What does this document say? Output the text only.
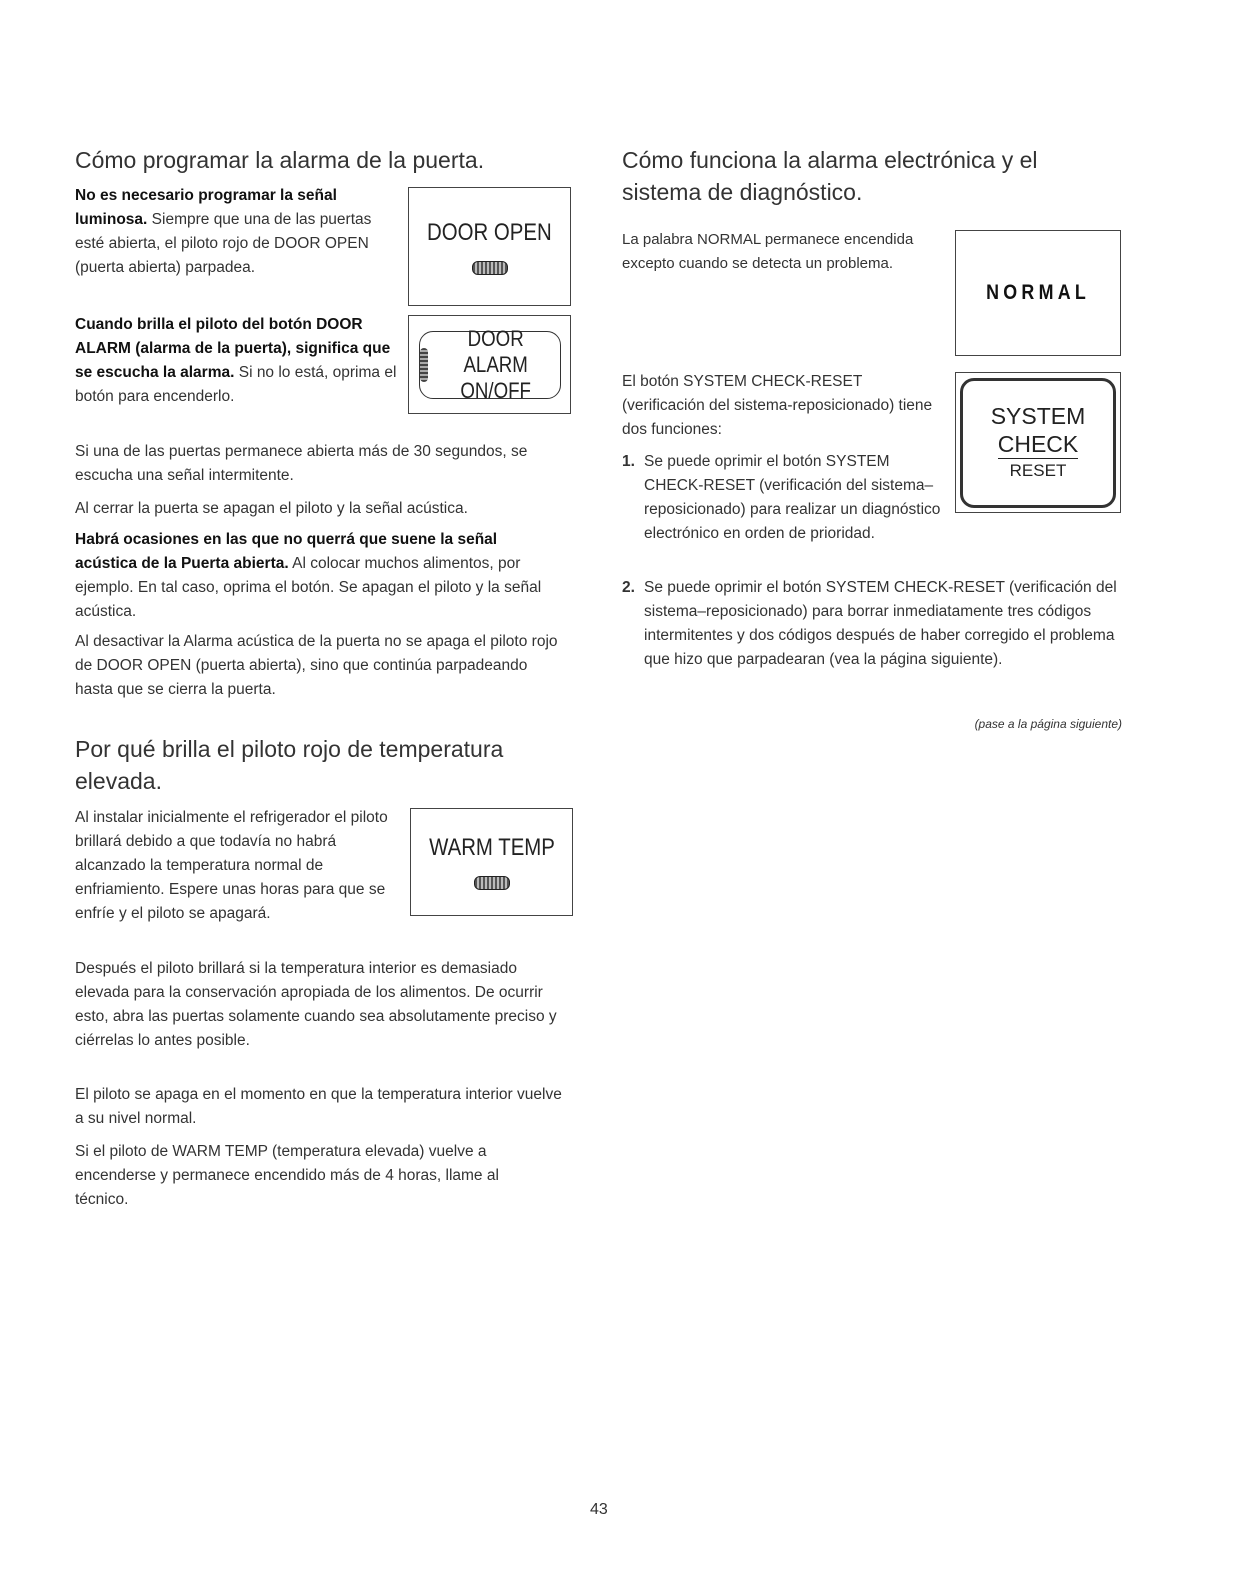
Cómo programar la alarma de la puerta.

No es necesario programar la señal luminosa. Siempre que una de las puertas esté abierta, el piloto rojo de DOOR OPEN (puerta abierta) parpadea.

DOOR OPEN

Cuando brilla el piloto del botón DOOR ALARM (alarma de la puerta), significa que se escucha la alarma. Si no lo está, oprima el botón para encenderlo.

DOOR ALARM
ON/OFF

Si una de las puertas permanece abierta más de 30 segundos, se escucha una señal intermitente.

Al cerrar la puerta se apagan el piloto y la señal acústica.

Habrá ocasiones en las que no querrá que suene la señal acústica de la Puerta abierta. Al colocar muchos alimentos, por ejemplo. En tal caso, oprima el botón. Se apagan el piloto y la señal acústica.

Al desactivar la Alarma acústica de la puerta no se apaga el piloto rojo de DOOR OPEN (puerta abierta), sino que continúa parpadeando hasta que se cierra la puerta.

Por qué brilla el piloto rojo de temperatura elevada.

Al instalar inicialmente el refrigerador el piloto brillará debido a que todavía no habrá alcanzado la temperatura normal de enfriamiento. Espere unas horas para que se enfríe y el piloto se apagará.

WARM TEMP

Después el piloto brillará si la temperatura interior es demasiado elevada para la conservación apropiada de los alimentos. De ocurrir esto, abra las puertas solamente cuando sea absolutamente preciso y ciérrelas lo antes posible.

El piloto se apaga en el momento en que la temperatura interior vuelve a su nivel normal.

Si el piloto de WARM TEMP (temperatura elevada) vuelve a encenderse y permanece encendido más de 4 horas, llame al técnico.

Cómo funciona la alarma electrónica y el sistema de diagnóstico.

La palabra NORMAL permanece encendida excepto cuando se detecta un problema.

NORMAL

El botón SYSTEM CHECK-RESET (verificación del sistema-reposicionado) tiene dos funciones:

SYSTEM
CHECK
RESET
1. Se puede oprimir el botón SYSTEM CHECK-RESET (verificación del sistema–reposicionado) para realizar un diagnóstico electrónico en orden de prioridad.
2. Se puede oprimir el botón SYSTEM CHECK-RESET (verificación del sistema–reposicionado) para borrar inmediatamente tres códigos intermitentes y dos códigos después de haber corregido el problema que hizo que parpadearan (vea la página siguiente).

(pase a la página siguiente)

43
